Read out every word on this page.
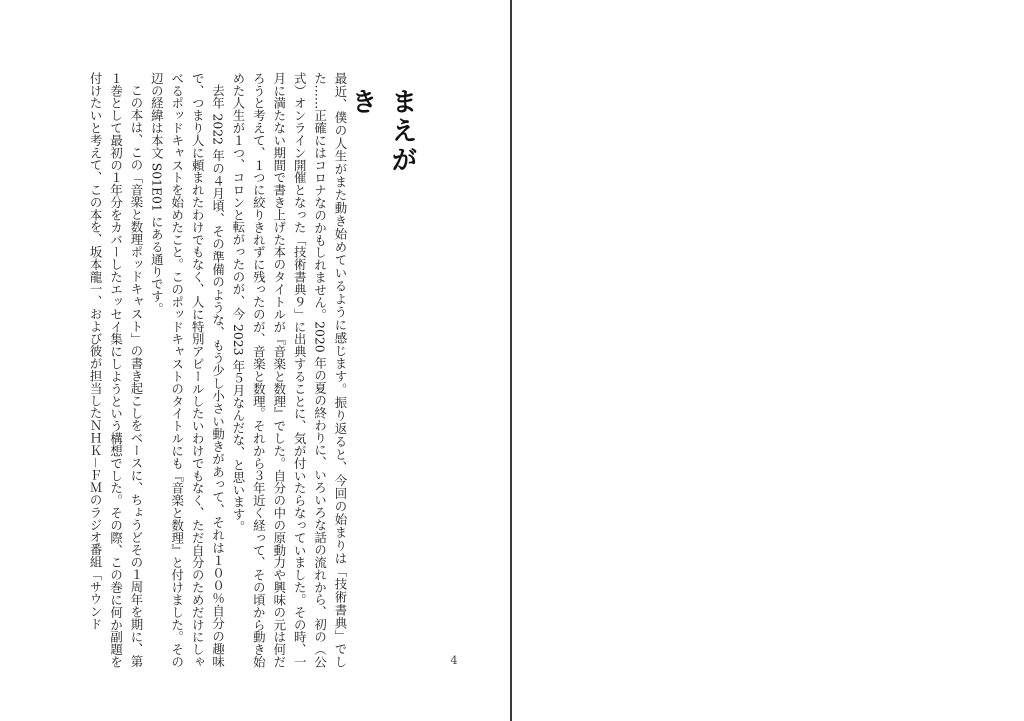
まえがき

最近、僕の人生がまた動き始めているように感じます。振り返ると、今回の始まりは「技術書典」でした……正確にはコロナなのかもしれません。2020 年の夏の終わりに、いろいろな話の流れから、初の（公式）オンライン開催となった「技術書典９」に出典することに、気が付いたらなっていました。その時、一月に満たない期間で書き上げた本のタイトルが『音楽と数理』でした。自分の中の原動力や興味の元は何だろうと考えて、１つに絞りきれずに残ったのが、音楽と数理。それから３年近く経って、その頃から動き始めた人生が１つ、コロンと転がったのが、今 2023 年５月なんだな、と思います。

去年 2022 年の４月頃、その準備のような、もう少し小さい動きがあって、それは１００％自分の趣味で、つまり人に頼まれたわけでもなく、人に特別アピールしたいわけでもなく、ただ自分のためだけにしゃべるポッドキャストを始めたこと。このポッドキャストのタイトルにも『音楽と数理』と付けました。その辺の経緯は本文 S01E01 にある通りです。

この本は、この「音楽と数理ポッドキャスト」の書き起こしをベースに、ちょうどその１周年を期に、第１巻として最初の１年分をカバーしたエッセイ集にしようという構想でした。その際、この巻に何か副題を付けたいと考えて、この本を、坂本龍一、および彼が担当したＮＨＫ－ＦＭのラジオ番組「サウンド

4
